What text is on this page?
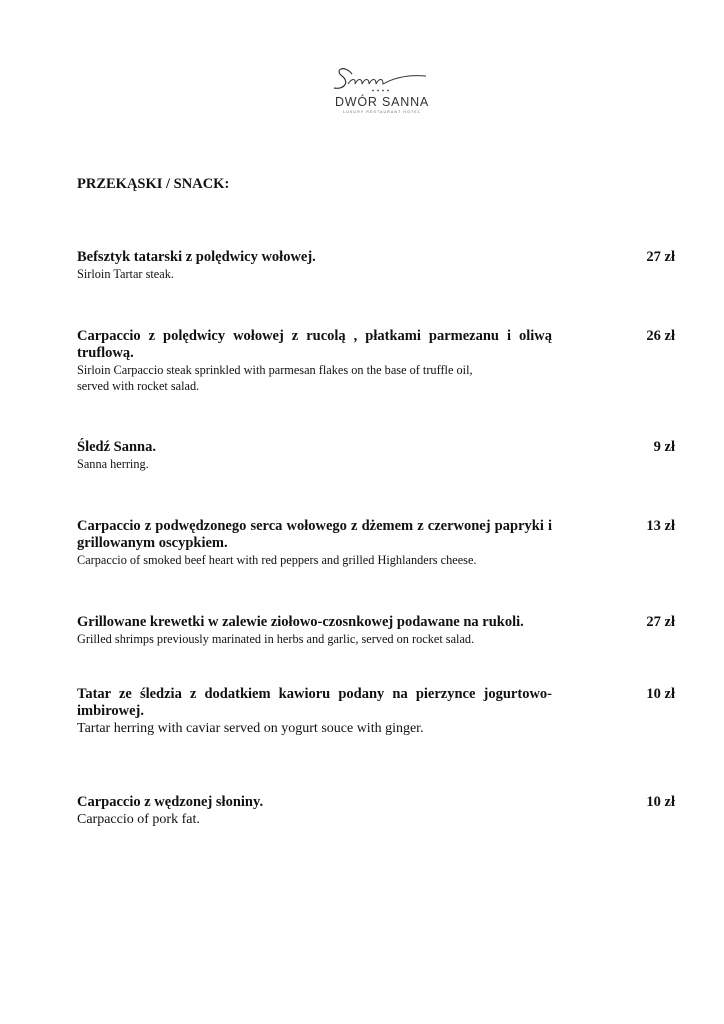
DWÓR SANNA
LUXURY RESTAURANT HOTEL
PRZEKĄSKI / SNACK:
Befsztyk tatarski z polędwicy wołowej.
Sirloin Tartar steak.
27 zł
Carpaccio z polędwicy wołowej z rucolą , płatkami parmezanu i oliwą truflową.
Sirloin Carpaccio steak sprinkled with parmesan flakes on the base of truffle oil,
served with rocket salad.
26 zł
Śledź Sanna.
Sanna herring.
9 zł
Carpaccio z podwędzonego serca wołowego z dżemem z czerwonej papryki i grillowanym oscypkiem.
Carpaccio of smoked beef heart with red peppers and grilled Highlanders cheese.
13 zł
Grillowane krewetki w zalewie ziołowo-czosnkowej podawane na rukoli.
Grilled shrimps previously marinated in herbs and garlic, served on rocket salad.
27 zł
Tatar ze śledzia z dodatkiem kawioru podany na pierzynce jogurtowo-imbirowej.
Tartar herring with caviar served on yogurt souce with ginger.
10 zł
Carpaccio z wędzonej słoniny.
Carpaccio of pork fat.
10 zł
